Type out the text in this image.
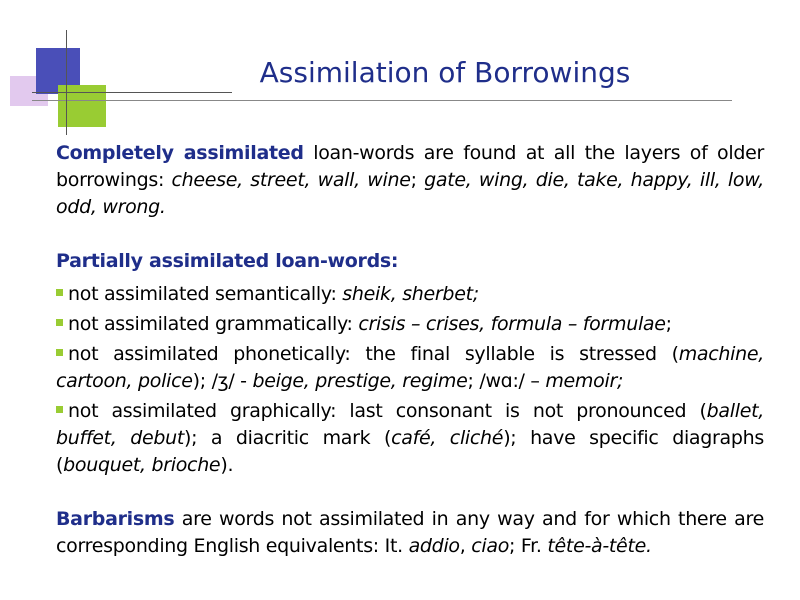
Assimilation of Borrowings

Completely assimilated loan-words are found at all the layers of older borrowings: cheese, street, wall, wine; gate, wing, die, take, happy, ill, low, odd, wrong.

Partially assimilated loan-words:

not assimilated semantically: sheik, sherbet;

not assimilated grammatically: crisis – crises, formula – formulae;

not assimilated phonetically: the final syllable is stressed (machine, cartoon, police); /ʒ/ - beige, prestige, regime; /wɑ:/ – memoir;

not assimilated graphically: last consonant is not pronounced (ballet, buffet, debut); a diacritic mark (café, cliché); have specific diagraphs (bouquet, brioche).

Barbarisms are words not assimilated in any way and for which there are corresponding English equivalents: It. addio, ciao; Fr. tête-à-tête.
